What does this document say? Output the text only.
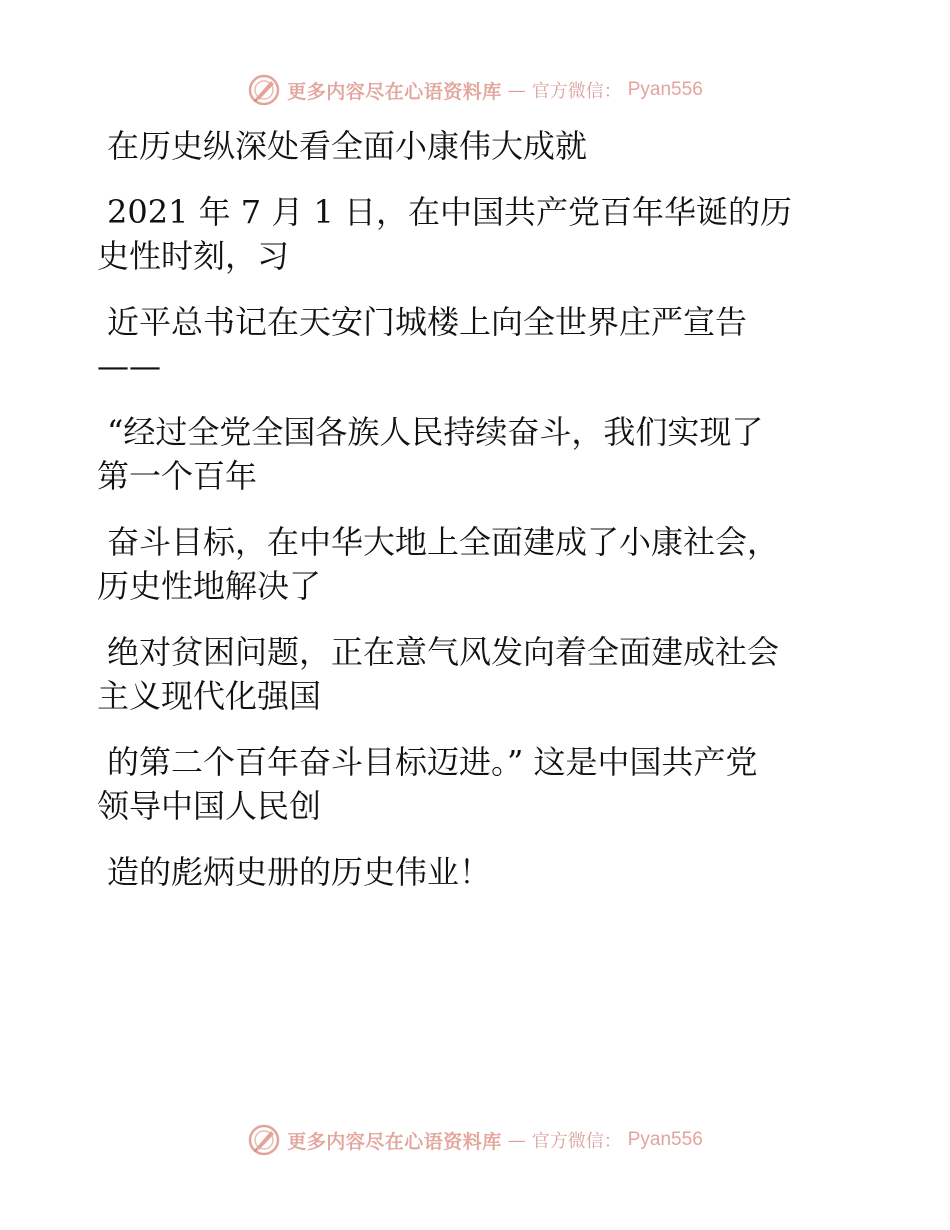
更多内容尽在心语资料库 — 官方微信： Pyan556

在历史纵深处看全面小康伟大成就

2021 年 7 月 1 日，在中国共产党百年华诞的历

史性时刻，习

近平总书记在天安门城楼上向全世界庄严宣告

——

“经过全党全国各族人民持续奋斗，我们实现了

第一个百年

奋斗目标，在中华大地上全面建成了小康社会，

历史性地解决了

绝对贫困问题，正在意气风发向着全面建成社会

主义现代化强国

的第二个百年奋斗目标迈进。” 这是中国共产党

领导中国人民创

造的彪炳史册的历史伟业！

更多内容尽在心语资料库 — 官方微信： Pyan556
